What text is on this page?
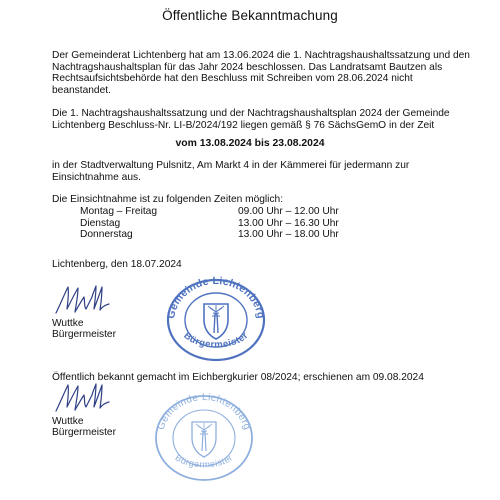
Öffentliche Bekanntmachung
Der Gemeinderat Lichtenberg hat am 13.06.2024 die 1. Nachtragshaushaltssatzung und den
Nachtragshaushaltsplan für das Jahr 2024 beschlossen. Das Landratsamt Bautzen als
Rechtsaufsichtsbehörde hat den Beschluss mit Schreiben vom 28.06.2024 nicht
beanstandet.
Die 1. Nachtragshaushaltssatzung und der Nachtragshaushaltsplan 2024 der Gemeinde
Lichtenberg Beschluss-Nr. LI-B/2024/192 liegen gemäß § 76 SächsGemO in der Zeit
vom 13.08.2024 bis 23.08.2024
in der Stadtverwaltung Pulsnitz, Am Markt 4 in der Kämmerei für jedermann zur
Einsichtnahme aus.
Die Einsichtnahme ist zu folgenden Zeiten möglich:
Montag – Freitag	09.00 Uhr – 12.00 Uhr
Dienstag	13.00 Uhr – 16.30 Uhr
Donnerstag	13.00 Uhr – 18.00 Uhr
Lichtenberg, den 18.07.2024
Wuttke
Bürgermeister
Gemeinde Lichtenberg
Bürgermeister
Öffentlich bekannt gemacht im Eichbergkurier 08/2024; erschienen am 09.08.2024
Wuttke
Bürgermeister
Gemeinde Lichtenberg
Bürgermeister
